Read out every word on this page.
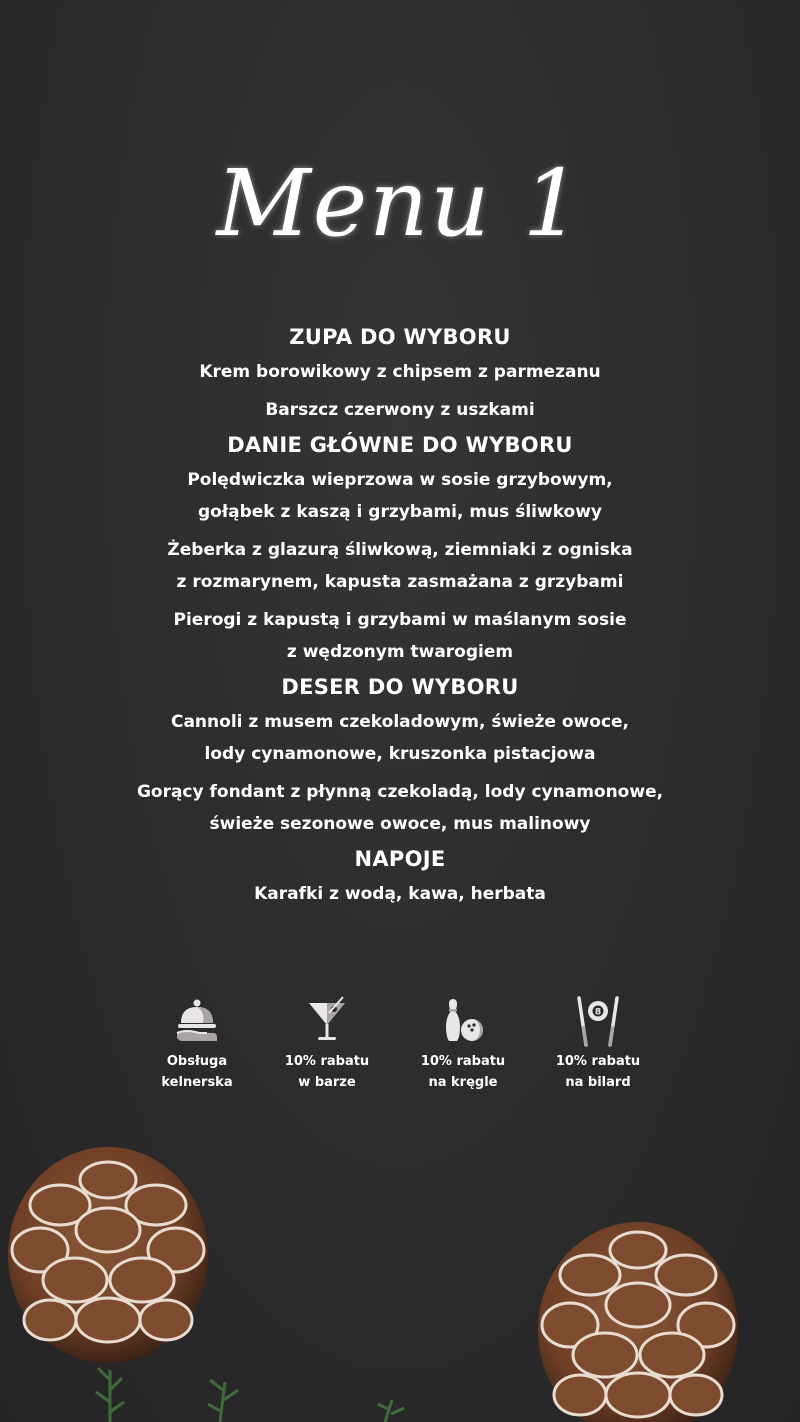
Menu 1
ZUPA DO WYBORU
Krem borowikowy z chipsem z parmezanu
Barszcz czerwony z uszkami
DANIE GŁÓWNE DO WYBORU
Polędwiczka wieprzowa w sosie grzybowym,
gołąbek z kaszą i grzybami, mus śliwkowy
Żeberka z glazurą śliwkową, ziemniaki z ogniska
z rozmarynem, kapusta zasmażana z grzybami
Pierogi z kapustą i grzybami w maślanym sosie
z wędzonym twarogiem
DESER DO WYBORU
Cannoli z musem czekoladowym, świeże owoce,
lody cynamonowe, kruszonka pistacjowa
Gorący fondant z płynną czekoladą, lody cynamonowe,
świeże sezonowe owoce, mus malinowy
NAPOJE
Karafki z wodą, kawa, herbata
Obsługa
kelnerska
10% rabatu
w barze
10% rabatu
na kręgle
8
10% rabatu
na bilard
